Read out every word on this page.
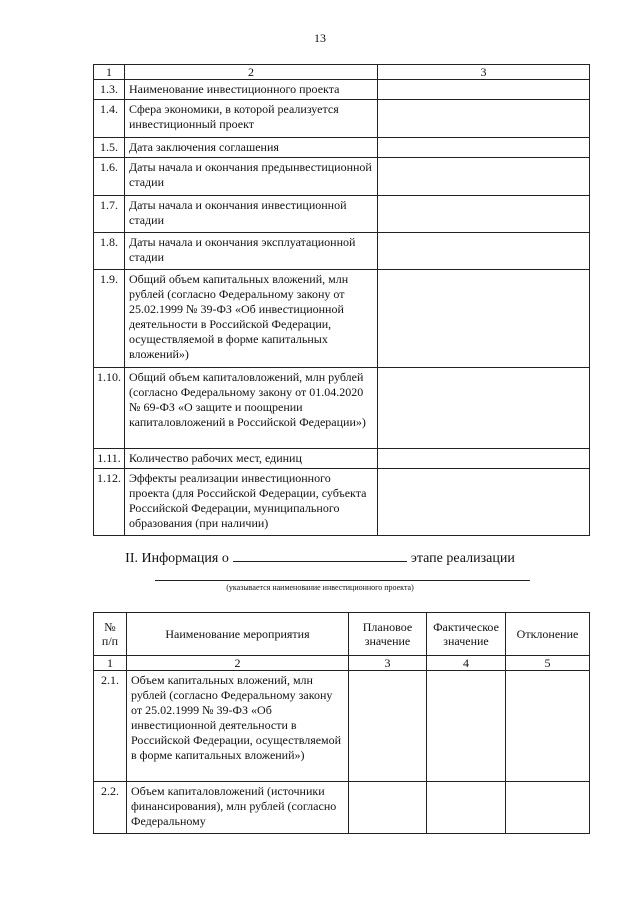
13
1	2	3
1.3.	Наименование инвестиционного проекта	
1.4.	Сфера экономики, в которой реализуется инвестиционный проект	
1.5.	Дата заключения соглашения	
1.6.	Даты начала и окончания предынвестиционной стадии	
1.7.	Даты начала и окончания инвестиционной стадии	
1.8.	Даты начала и окончания эксплуатационной стадии	
1.9.	Общий объем капитальных вложений, млн рублей (согласно Федеральному закону от 25.02.1999 № 39-ФЗ «Об инвестиционной деятельности в Российской Федерации, осуществляемой в форме капитальных вложений»)	
1.10.	Общий объем капиталовложений, млн рублей (согласно Федеральному закону от 01.04.2020 № 69-ФЗ «О защите и поощрении капиталовложений в Российской Федерации»)	
1.11.	Количество рабочих мест, единиц	
1.12.	Эффекты реализации инвестиционного проекта (для Российской Федерации, субъекта Российской Федерации, муниципального образования (при наличии)	
II. Информация о	этапе реализации
(указывается наименование инвестиционного проекта)
№ п/п	Наименование мероприятия	Плановое значение	Фактическое значение	Отклонение
1	2	3	4	5
2.1.	Объем капитальных вложений, млн рублей (согласно Федеральному закону от 25.02.1999 № 39-ФЗ «Об инвестиционной деятельности в Российской Федерации, осуществляемой в форме капитальных вложений»)			
2.2.	Объем капиталовложений (источники финансирования), млн рублей (согласно Федеральному			
